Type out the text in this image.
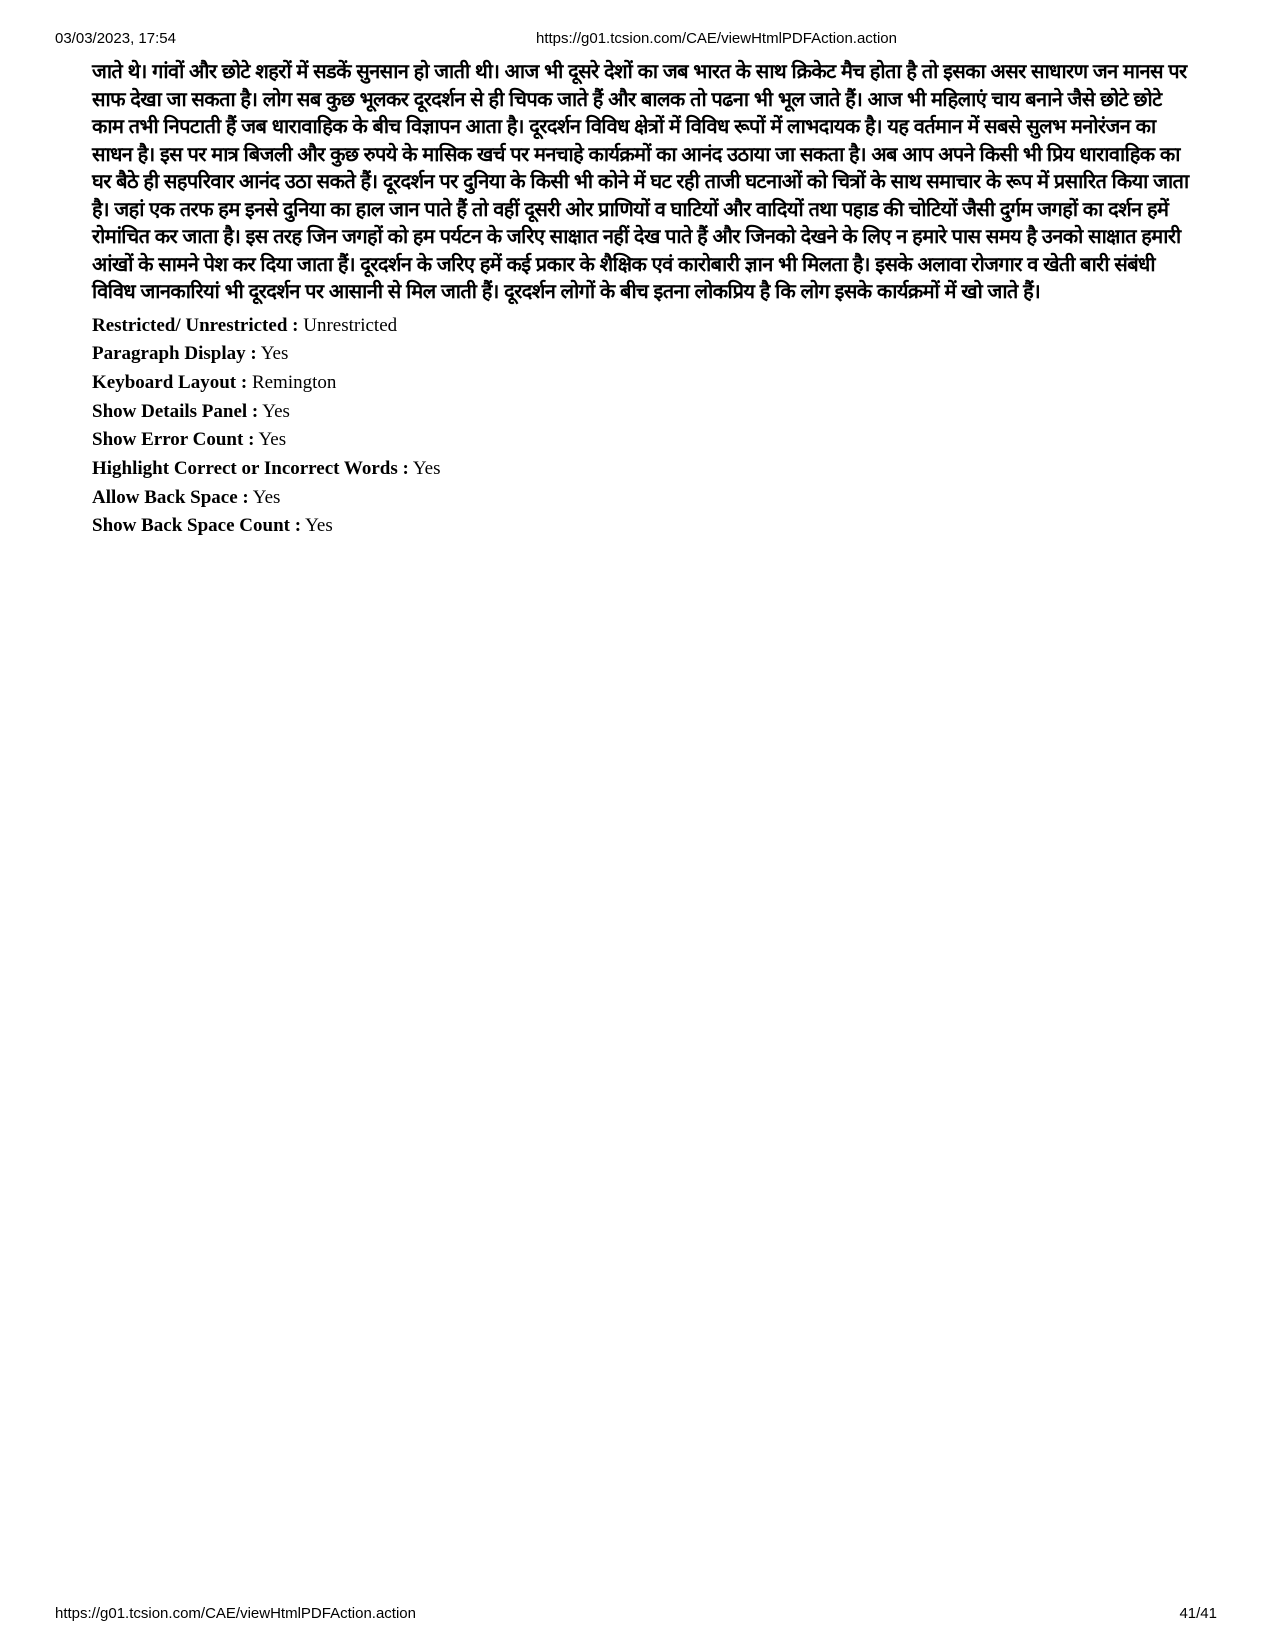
03/03/2023, 17:54	https://g01.tcsion.com/CAE/viewHtmlPDFAction.action

जाते थे। गांवों और छोटे शहरों में सडकें सुनसान हो जाती थी। आज भी दूसरे देशों का जब भारत के साथ क्रिकेट मैच होता है तो इसका असर साधारण जन मानस पर साफ देखा जा सकता है। लोग सब कुछ भूलकर दूरदर्शन से ही चिपक जाते हैं और बालक तो पढना भी भूल जाते हैं। आज भी महिलाएं चाय बनाने जैसे छोटे छोटे काम तभी निपटाती हैं जब धारावाहिक के बीच विज्ञापन आता है। दूरदर्शन विविध क्षेत्रों में विविध रूपों में लाभदायक है। यह वर्तमान में सबसे सुलभ मनोरंजन का साधन है। इस पर मात्र बिजली और कुछ रुपये के मासिक खर्च पर मनचाहे कार्यक्रमों का आनंद उठाया जा सकता है। अब आप अपने किसी भी प्रिय धारावाहिक का घर बैठे ही सहपरिवार आनंद उठा सकते हैं। दूरदर्शन पर दुनिया के किसी भी कोने में घट रही ताजी घटनाओं को चित्रों के साथ समाचार के रूप में प्रसारित किया जाता है। जहां एक तरफ हम इनसे दुनिया का हाल जान पाते हैं तो वहीं दूसरी ओर प्राणियों व घाटियों और वादियों तथा पहाड की चोटियों जैसी दुर्गम जगहों का दर्शन हमें रोमांचित कर जाता है। इस तरह जिन जगहों को हम पर्यटन के जरिए साक्षात नहीं देख पाते हैं और जिनको देखने के लिए न हमारे पास समय है उनको साक्षात हमारी आंखों के सामने पेश कर दिया जाता हैं। दूरदर्शन के जरिए हमें कई प्रकार के शैक्षिक एवं कारोबारी ज्ञान भी मिलता है। इसके अलावा रोजगार व खेती बारी संबंधी विविध जानकारियां भी दूरदर्शन पर आसानी से मिल जाती हैं। दूरदर्शन लोगों के बीच इतना लोकप्रिय है कि लोग इसके कार्यक्रमों में खो जाते हैं।

Restricted/ Unrestricted : Unrestricted
Paragraph Display : Yes
Keyboard Layout : Remington
Show Details Panel : Yes
Show Error Count : Yes
Highlight Correct or Incorrect Words : Yes
Allow Back Space : Yes
Show Back Space Count : Yes
https://g01.tcsion.com/CAE/viewHtmlPDFAction.action	41/41
